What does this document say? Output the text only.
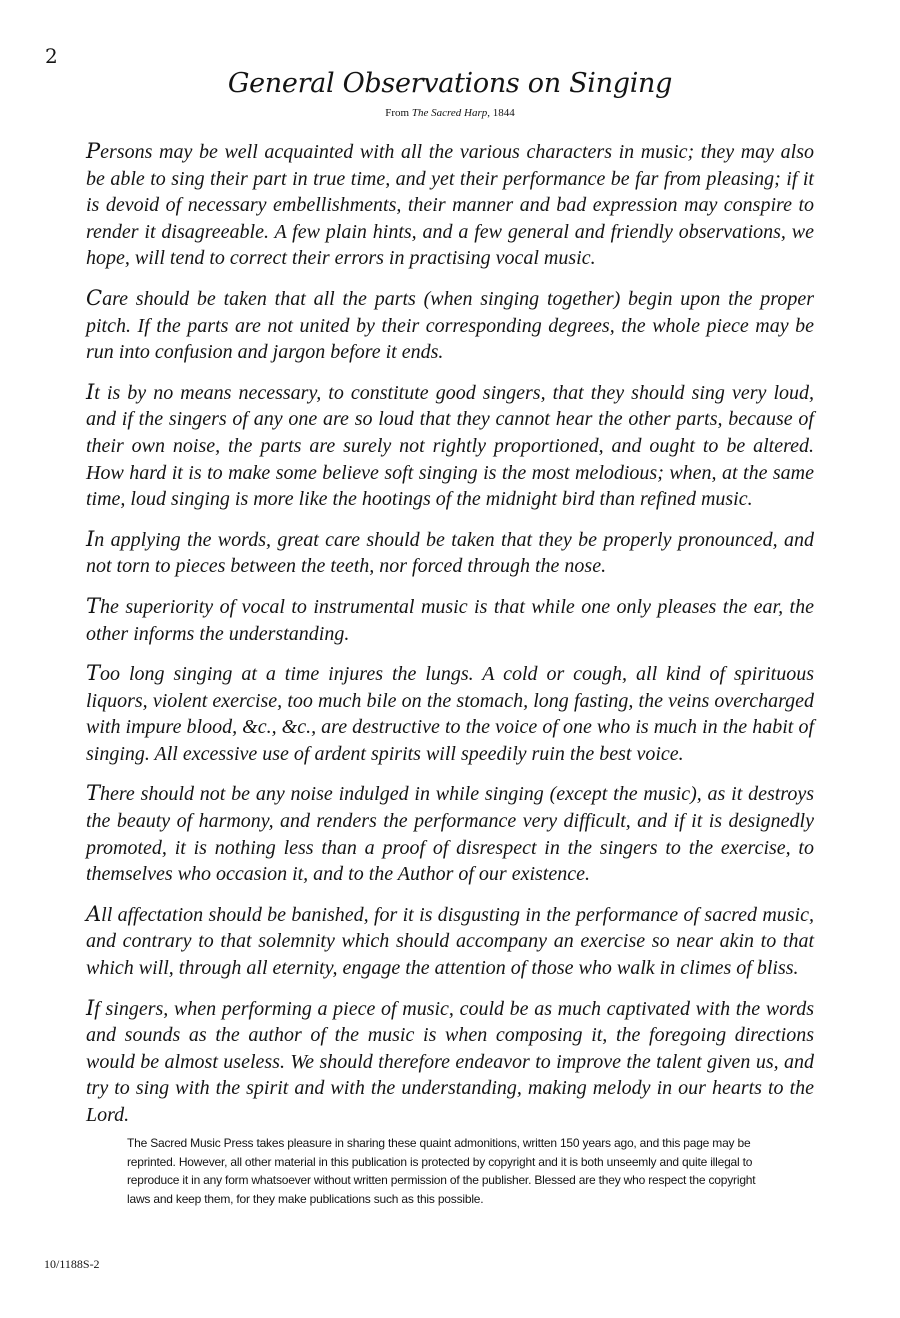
2
General Observations on Singing
From The Sacred Harp, 1844

Persons may be well acquainted with all the various characters in music; they may also be able to sing their part in true time, and yet their performance be far from pleasing; if it is devoid of necessary embellishments, their manner and bad expression may conspire to render it disagreeable. A few plain hints, and a few general and friendly observations, we hope, will tend to correct their errors in practising vocal music.

Care should be taken that all the parts (when singing together) begin upon the proper pitch. If the parts are not united by their corresponding degrees, the whole piece may be run into confusion and jargon before it ends.

It is by no means necessary, to constitute good singers, that they should sing very loud, and if the singers of any one are so loud that they cannot hear the other parts, because of their own noise, the parts are surely not rightly proportioned, and ought to be altered. How hard it is to make some believe soft singing is the most melodious; when, at the same time, loud singing is more like the hootings of the midnight bird than refined music.

In applying the words, great care should be taken that they be properly pronounced, and not torn to pieces between the teeth, nor forced through the nose.

The superiority of vocal to instrumental music is that while one only pleases the ear, the other informs the understanding.

Too long singing at a time injures the lungs. A cold or cough, all kind of spirituous liquors, violent exercise, too much bile on the stomach, long fasting, the veins overcharged with impure blood, &c., &c., are destructive to the voice of one who is much in the habit of singing. All excessive use of ardent spirits will speedily ruin the best voice.

There should not be any noise indulged in while singing (except the music), as it destroys the beauty of harmony, and renders the performance very difficult, and if it is designedly promoted, it is nothing less than a proof of disrespect in the singers to the exercise, to themselves who occasion it, and to the Author of our existence.

All affectation should be banished, for it is disgusting in the performance of sacred music, and contrary to that solemnity which should accompany an exercise so near akin to that which will, through all eternity, engage the attention of those who walk in climes of bliss.

If singers, when performing a piece of music, could be as much captivated with the words and sounds as the author of the music is when composing it, the foregoing directions would be almost useless. We should therefore endeavor to improve the talent given us, and try to sing with the spirit and with the understanding, making melody in our hearts to the Lord.

The Sacred Music Press takes pleasure in sharing these quaint admonitions, written 150 years ago, and this page may be reprinted. However, all other material in this publication is protected by copyright and it is both unseemly and quite illegal to reproduce it in any form whatsoever without written permission of the publisher. Blessed are they who respect the copyright laws and keep them, for they make publications such as this possible.
10/1188S-2
